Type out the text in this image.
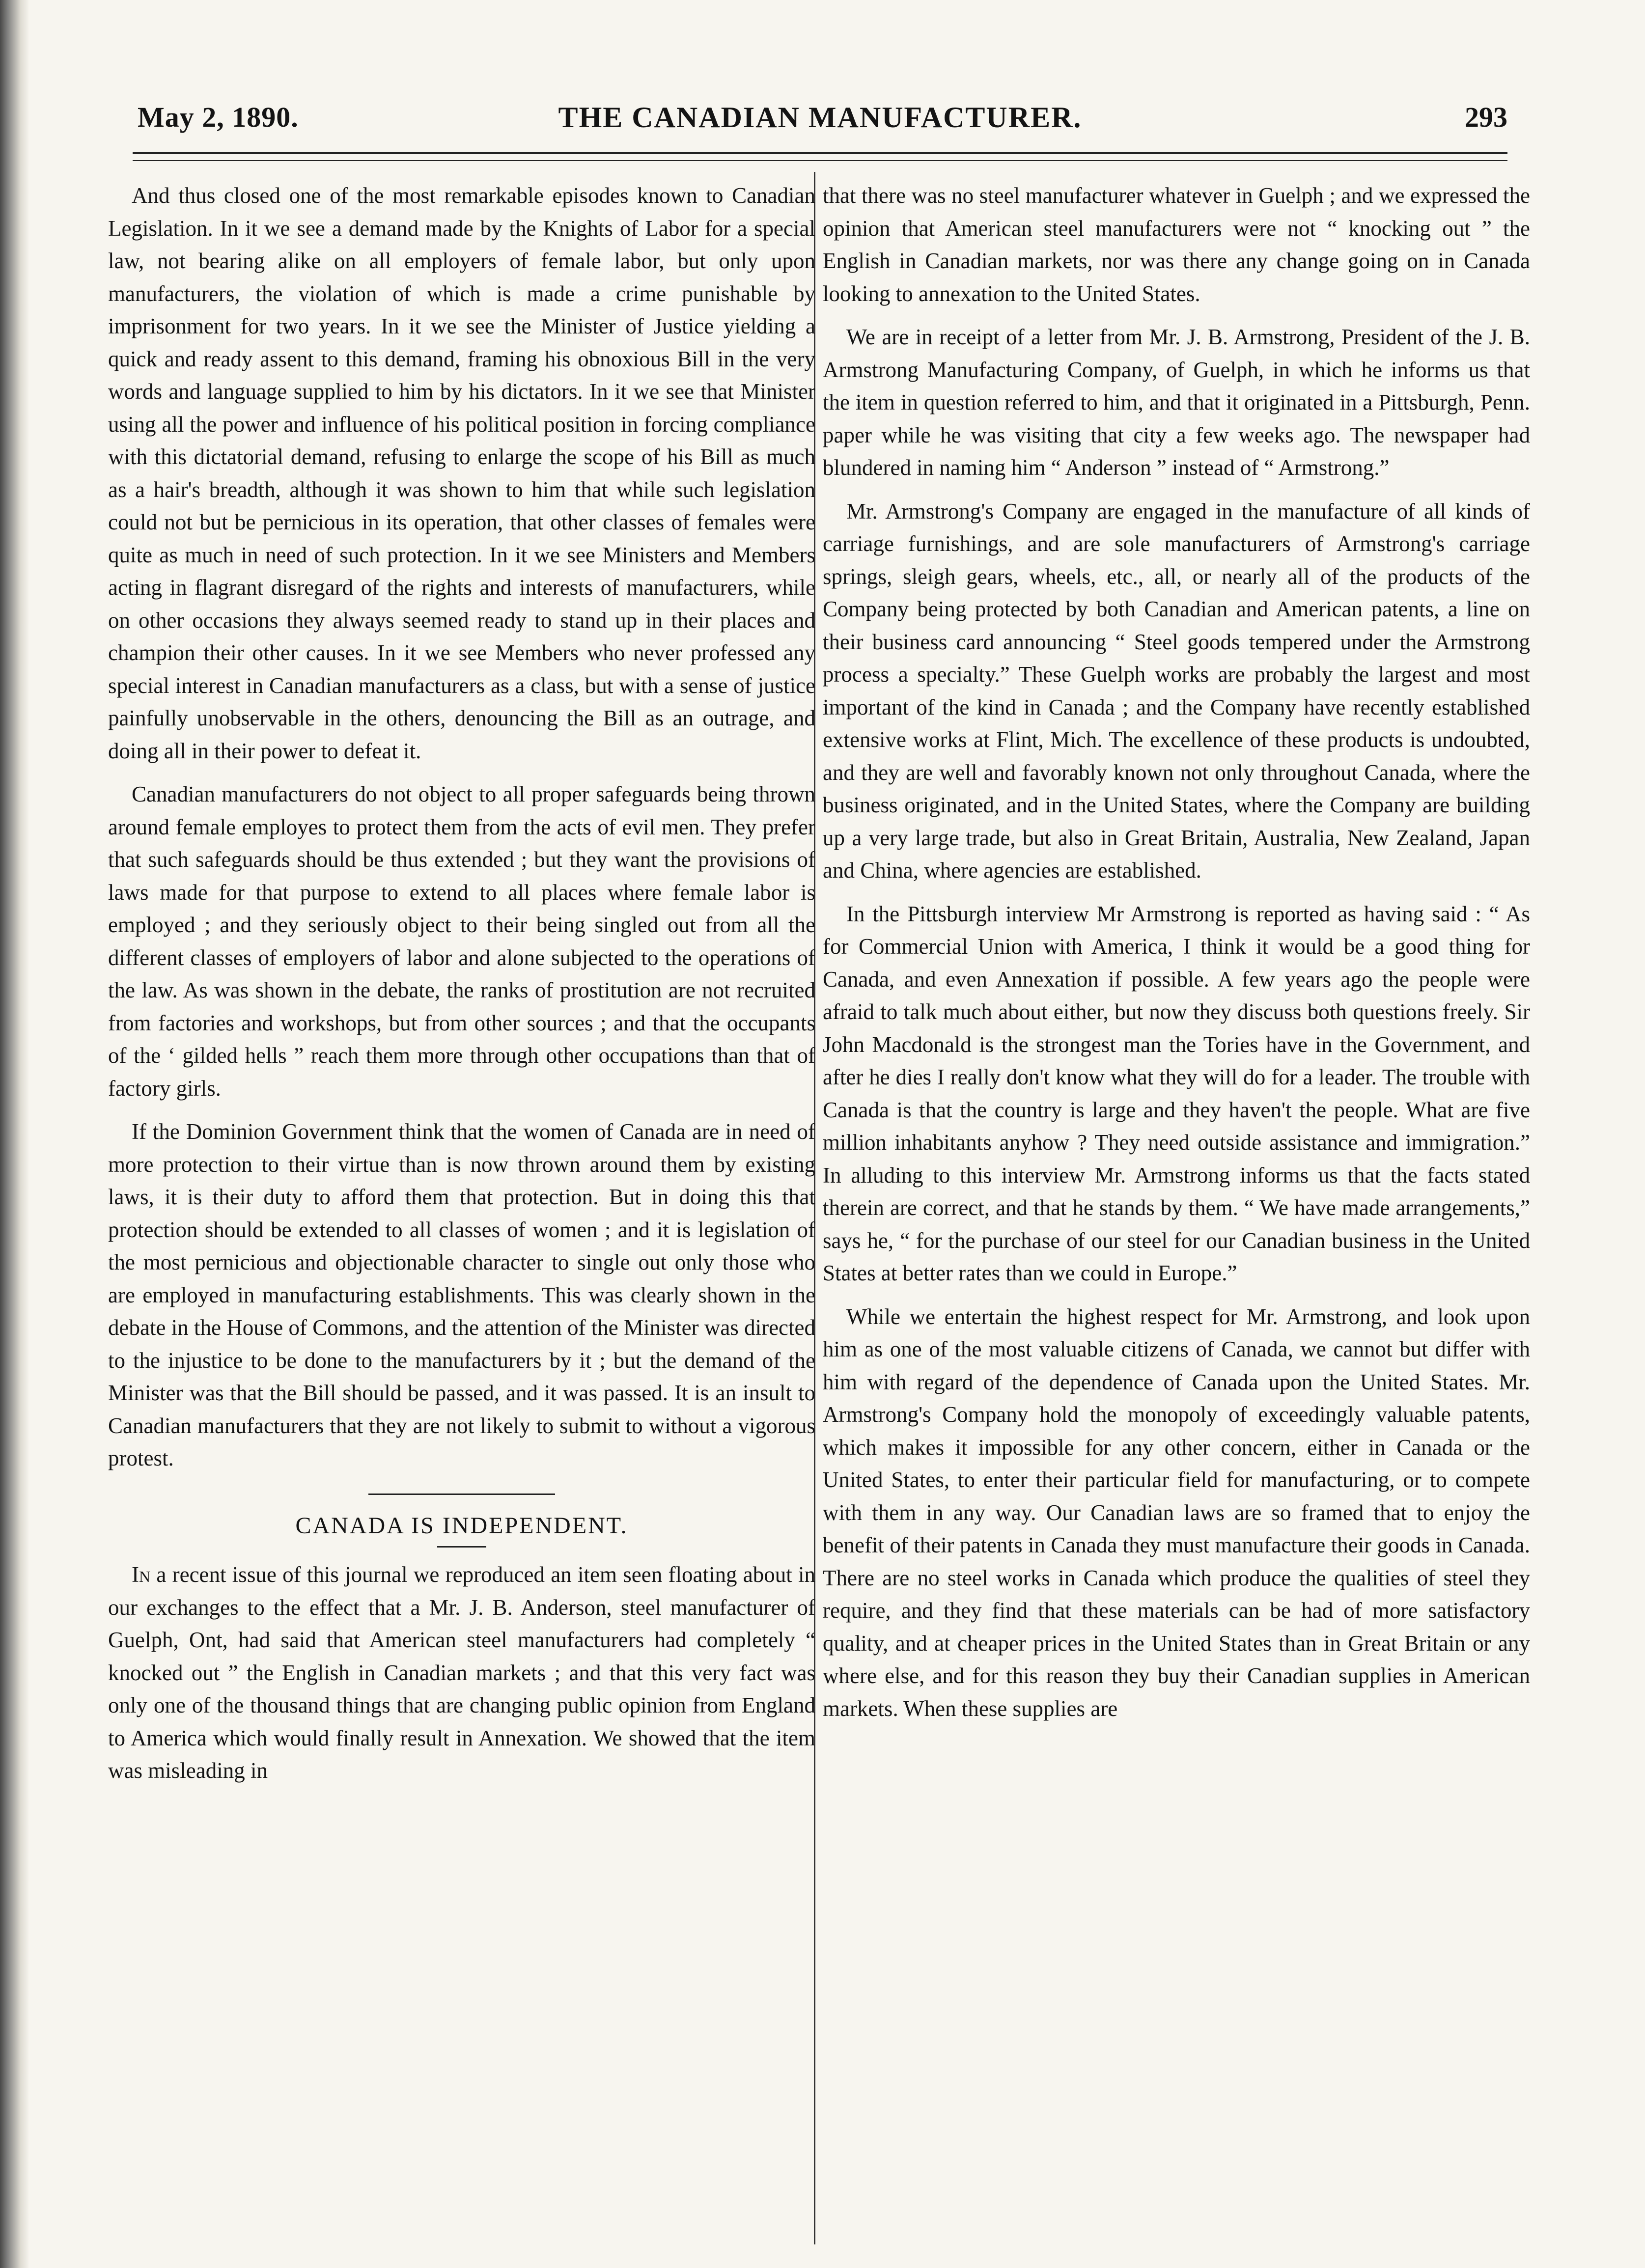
May 2, 1890.	THE CANADIAN MANUFACTURER.	293

And thus closed one of the most remarkable episodes known to Canadian Legislation. In it we see a demand made by the Knights of Labor for a special law, not bearing alike on all employers of female labor, but only upon manufacturers, the violation of which is made a crime punishable by imprisonment for two years. In it we see the Minister of Justice yielding a quick and ready assent to this demand, framing his obnoxious Bill in the very words and language supplied to him by his dictators. In it we see that Minister using all the power and influence of his political position in forcing compliance with this dictatorial demand, refusing to enlarge the scope of his Bill as much as a hair's breadth, although it was shown to him that while such legislation could not but be pernicious in its operation, that other classes of females were quite as much in need of such protection. In it we see Ministers and Members acting in flagrant disregard of the rights and interests of manufacturers, while on other occasions they always seemed ready to stand up in their places and champion their other causes. In it we see Members who never professed any special interest in Canadian manufacturers as a class, but with a sense of justice painfully unobservable in the others, denouncing the Bill as an outrage, and doing all in their power to defeat it.

Canadian manufacturers do not object to all proper safeguards being thrown around female employes to protect them from the acts of evil men. They prefer that such safeguards should be thus extended ; but they want the provisions of laws made for that purpose to extend to all places where female labor is employed ; and they seriously object to their being singled out from all the different classes of employers of labor and alone subjected to the operations of the law. As was shown in the debate, the ranks of prostitution are not recruited from factories and workshops, but from other sources ; and that the occupants of the ‘ gilded hells ” reach them more through other occupations than that of factory girls.

If the Dominion Government think that the women of Canada are in need of more protection to their virtue than is now thrown around them by existing laws, it is their duty to afford them that protection. But in doing this that protection should be extended to all classes of women ; and it is legislation of the most pernicious and objectionable character to single out only those who are employed in manufacturing establishments. This was clearly shown in the debate in the House of Commons, and the attention of the Minister was directed to the injustice to be done to the manufacturers by it ; but the demand of the Minister was that the Bill should be passed, and it was passed. It is an insult to Canadian manufacturers that they are not likely to submit to without a vigorous protest.

CANADA IS INDEPENDENT.

In a recent issue of this journal we reproduced an item seen floating about in our exchanges to the effect that a Mr. J. B. Anderson, steel manufacturer of Guelph, Ont, had said that American steel manufacturers had completely “ knocked out ” the English in Canadian markets ; and that this very fact was only one of the thousand things that are changing public opinion from England to America which would finally result in Annexation. We showed that the item was misleading in

that there was no steel manufacturer whatever in Guelph ; and we expressed the opinion that American steel manufacturers were not “ knocking out ” the English in Canadian markets, nor was there any change going on in Canada looking to annexation to the United States.

We are in receipt of a letter from Mr. J. B. Armstrong, President of the J. B. Armstrong Manufacturing Company, of Guelph, in which he informs us that the item in question referred to him, and that it originated in a Pittsburgh, Penn. paper while he was visiting that city a few weeks ago. The newspaper had blundered in naming him “ Anderson ” instead of “ Armstrong.”

Mr. Armstrong's Company are engaged in the manufacture of all kinds of carriage furnishings, and are sole manufacturers of Armstrong's carriage springs, sleigh gears, wheels, etc., all, or nearly all of the products of the Company being protected by both Canadian and American patents, a line on their business card announcing “ Steel goods tempered under the Armstrong process a specialty.” These Guelph works are probably the largest and most important of the kind in Canada ; and the Company have recently established extensive works at Flint, Mich. The excellence of these products is undoubted, and they are well and favorably known not only throughout Canada, where the business originated, and in the United States, where the Company are building up a very large trade, but also in Great Britain, Australia, New Zealand, Japan and China, where agencies are established.

In the Pittsburgh interview Mr Armstrong is reported as having said : “ As for Commercial Union with America, I think it would be a good thing for Canada, and even Annexation if possible. A few years ago the people were afraid to talk much about either, but now they discuss both questions freely. Sir John Macdonald is the strongest man the Tories have in the Government, and after he dies I really don't know what they will do for a leader. The trouble with Canada is that the country is large and they haven't the people. What are five million inhabitants anyhow ? They need outside assistance and immigration.” In alluding to this interview Mr. Armstrong informs us that the facts stated therein are correct, and that he stands by them. “ We have made arrangements,” says he, “ for the purchase of our steel for our Canadian business in the United States at better rates than we could in Europe.”

While we entertain the highest respect for Mr. Armstrong, and look upon him as one of the most valuable citizens of Canada, we cannot but differ with him with regard of the dependence of Canada upon the United States. Mr. Armstrong's Company hold the monopoly of exceedingly valuable patents, which makes it impossible for any other concern, either in Canada or the United States, to enter their particular field for manufacturing, or to compete with them in any way. Our Canadian laws are so framed that to enjoy the benefit of their patents in Canada they must manufacture their goods in Canada. There are no steel works in Canada which produce the qualities of steel they require, and they find that these materials can be had of more satisfactory quality, and at cheaper prices in the United States than in Great Britain or any where else, and for this reason they buy their Canadian supplies in American markets. When these supplies are
